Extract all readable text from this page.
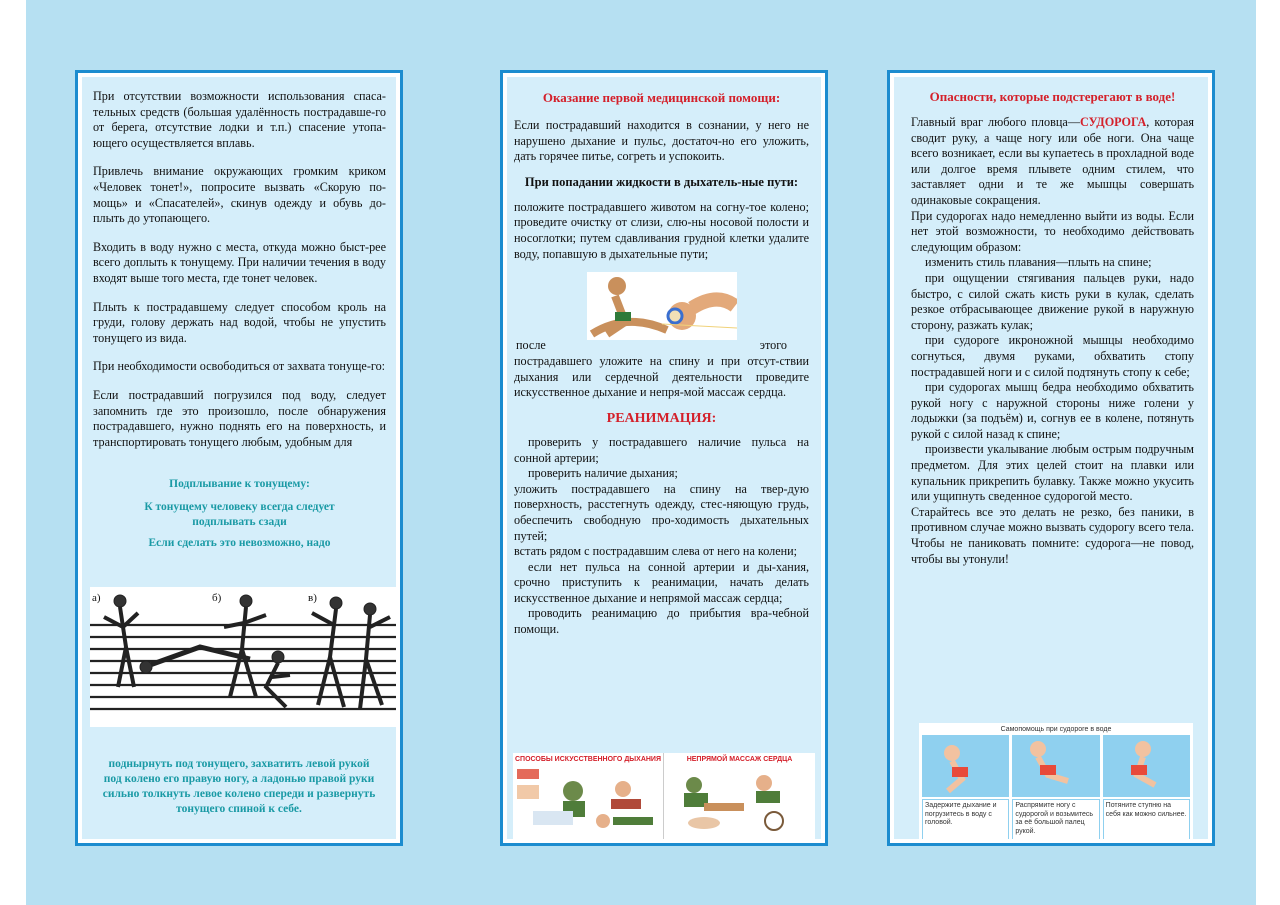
При отсутствии возможности использования спаса-тельных средств (большая удалённость пострадавше-го от берега, отсутствие лодки и т.п.) спасение утопа-ющего осуществляется вплавь.

Привлечь внимание окружающих громким криком «Человек тонет!», попросите вызвать «Скорую по-мощь» и «Спасателей», скинув одежду и обувь до-плыть до утопающего.

Входить в воду нужно с места, откуда можно быст-рее всего доплыть к тонущему. При наличии течения в воду входят выше того места, где тонет человек.

Плыть к пострадавшему следует способом кроль на груди, голову держать над водой, чтобы не упустить тонущего из вида.

При необходимости освободиться от захвата тонуще-го:

Если пострадавший погрузился под воду, следует запомнить где это произошло, после обнаружения пострадавшего, нужно поднять его на поверхность, и транспортировать тонущего любым, удобным для

Подплывание к тонущему:

К тонущему человеку всегда следует подплывать сзади

Если сделать это невозможно, надо

а)	б)	в)

поднырнуть под тонущего, захватить левой рукой под колено его правую ногу, а ладонью правой руки сильно толкнуть левое колено спереди и развернуть тонущего спиной к себе.

Оказание первой медицинской помощи:

Если пострадавший находится в сознании, у него не нарушено дыхание и пульс, достаточ-но его уложить, дать горячее питье, согреть и успокоить.

При попадании жидкости в дыхатель-ные пути:

положите пострадавшего животом на согну-тое колено; проведите очистку от слизи, слю-ны носовой полости и носоглотки; путем сдавливания грудной клетки удалите воду, попавшую в дыхательные пути;

после	этого

пострадавшего уложите на спину и при отсут-ствии дыхания или сердечной деятельности проведите искусственное дыхание и непря-мой массаж сердца.

РЕАНИМАЦИЯ:

проверить у пострадавшего наличие пульса на сонной артерии;

проверить наличие дыхания;

уложить пострадавшего на спину на твер-дую поверхность, расстегнуть одежду, стес-няющую грудь, обеспечить свободную про-ходимость дыхательных путей;

встать рядом с пострадавшим слева от него на колени;

если нет пульса на сонной артерии и ды-хания, срочно приступить к реанимации, начать делать искусственное дыхание и непрямой массаж сердца;

проводить реанимацию до прибытия вра-чебной помощи.

СПОСОБЫ ИСКУССТВЕННОГО ДЫХАНИЯ	НЕПРЯМОЙ МАССАЖ СЕРДЦА

Опасности, которые подстерегают в воде!

Главный враг любого пловца—СУДОРОГА, которая сводит руку, а чаще ногу или обе ноги. Она чаще всего возникает, если вы купаетесь в прохладной воде или долгое время плывете одним стилем, что заставляет одни и те же мышцы совершать одинаковые сокращения.

При судорогах надо немедленно выйти из воды. Если нет этой возможности, то необходимо действовать следующим образом:

изменить стиль плавания—плыть на спине;

при ощущении стягивания пальцев руки, надо быстро, с силой сжать кисть руки в кулак, сделать резкое отбрасывающее движение рукой в наружную сторону, разжать кулак;

при судороге икроножной мышцы необходимо согнуться, двумя руками, обхватить стопу пострадавшей ноги и с силой подтянуть стопу к себе;

при судорогах мышц бедра необходимо обхватить рукой ногу с наружной стороны ниже голени у лодыжки (за подъём) и, согнув ее в колене, потянуть рукой с силой назад к спине;

произвести укалывание любым острым подручным предметом. Для этих целей стоит на плавки или купальник прикрепить булавку. Также можно укусить или ущипнуть сведенное судорогой место.

Старайтесь все это делать не резко, без паники, в противном случае можно вызвать судорогу всего тела. Чтобы не паниковать помните: судорога—не повод, чтобы вы утонули!

Самопомощь при судороге в воде
Задержите дыхание и погрузитесь в воду с головой.
Распрямите ногу с судорогой и возьмитесь за её большой палец рукой.
Потяните ступню на себя как можно сильнее.
